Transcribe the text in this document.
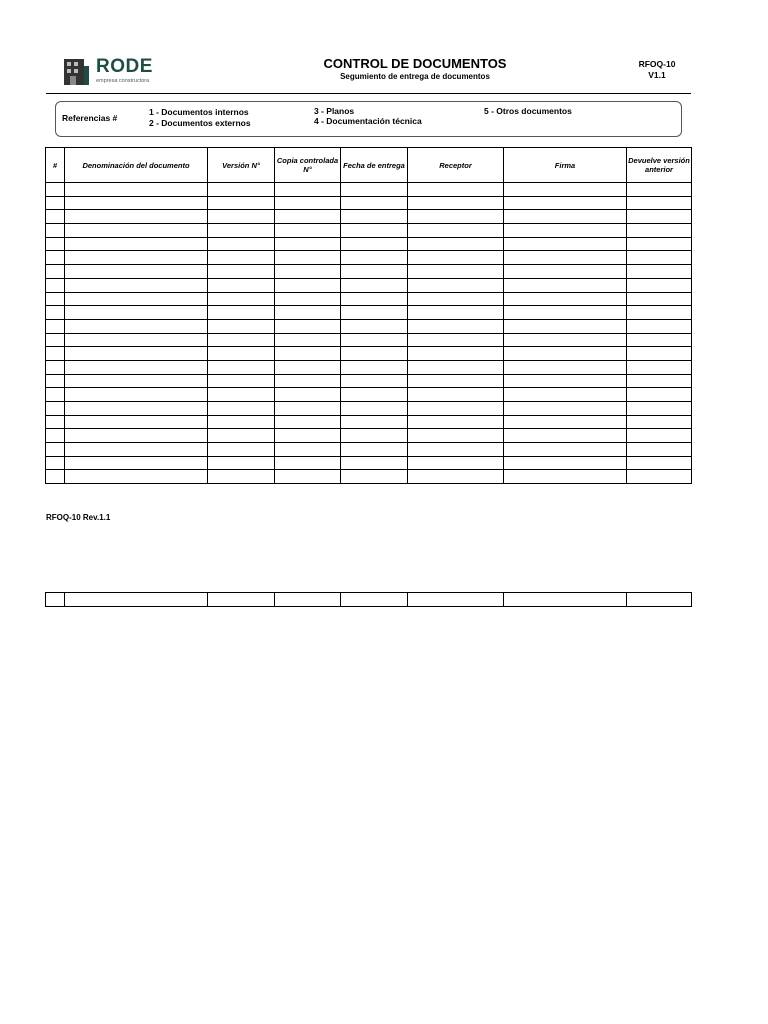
RODE
empresa constructora
CONTROL DE DOCUMENTOS
Segumiento de entrega de documentos
RFOQ-10
V1.1
Referencias #
1 - Documentos internos
2 - Documentos externos
3 - Planos
4 - Documentación técnica
5 - Otros documentos
#	Denominación del documento	Versión N°	Copia controlada N°	Fecha de entrega	Receptor	Firma	Devuelve versión anterior

RFOQ-10 Rev.1.1
